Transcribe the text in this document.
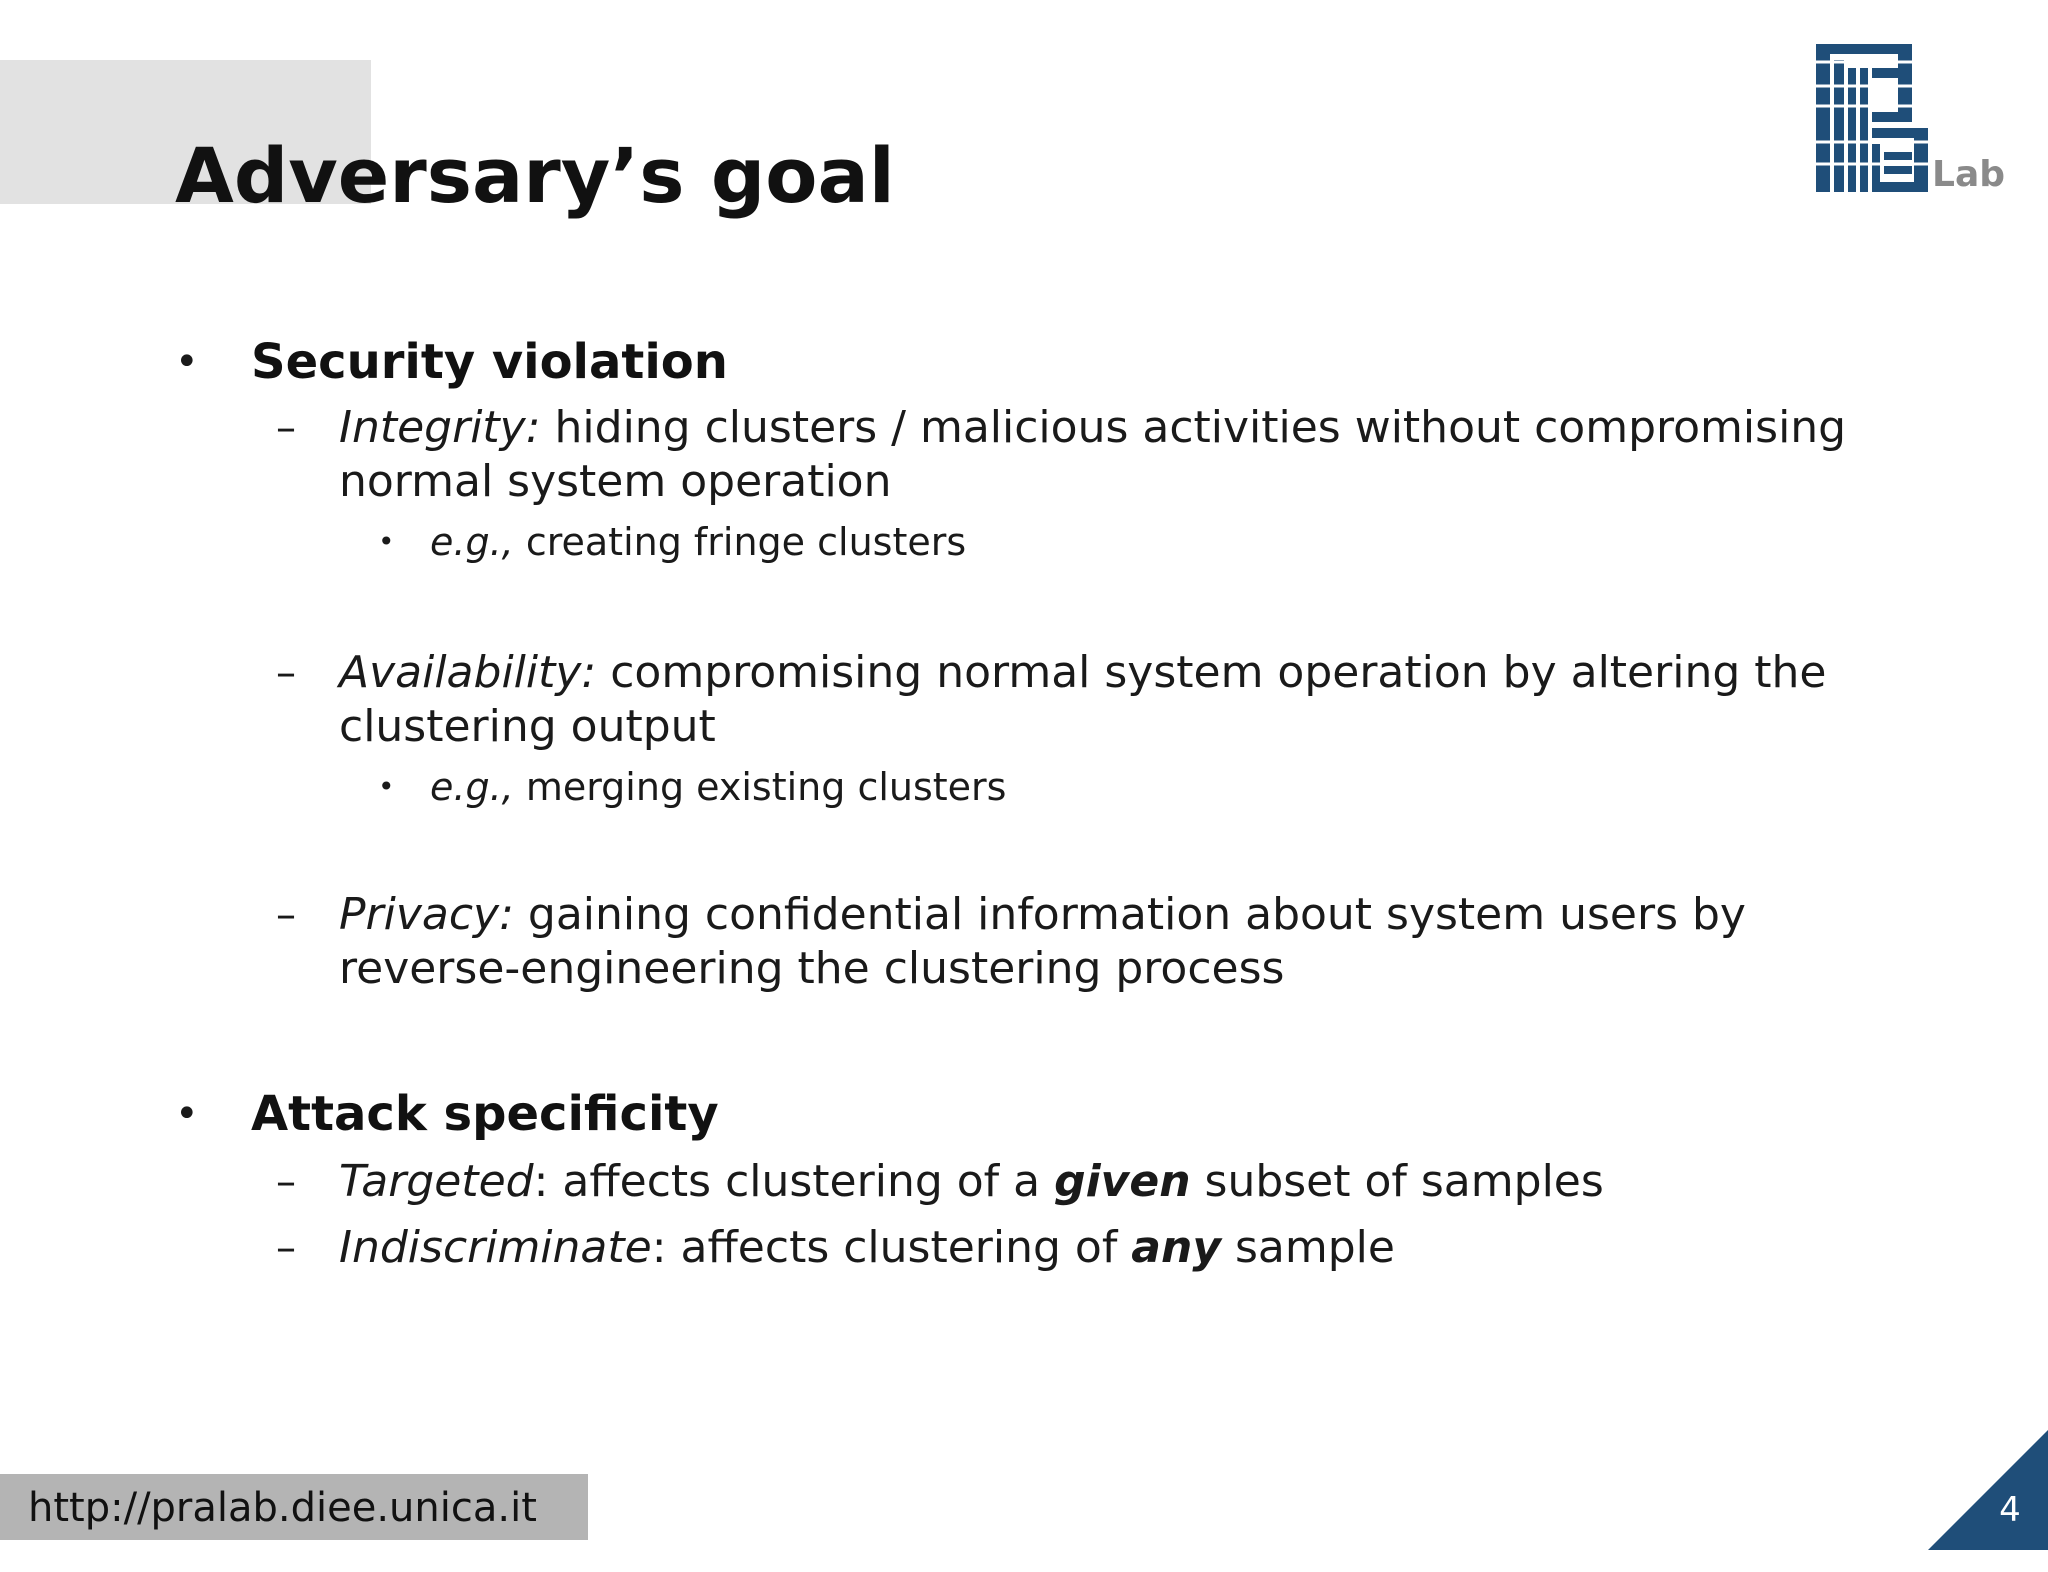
Adversary’s goal	Lab
• Security violation
– Integrity: hiding clusters / malicious activities without compromising
normal system operation
• e.g., creating fringe clusters
– Availability: compromising normal system operation by altering the
clustering output
• e.g., merging existing clusters
– Privacy: gaining confidential information about system users by
reverse-engineering the clustering process
• Attack specificity
– Targeted: affects clustering of a given subset of samples
– Indiscriminate: affects clustering of any sample
http://pralab.diee.unica.it	4
